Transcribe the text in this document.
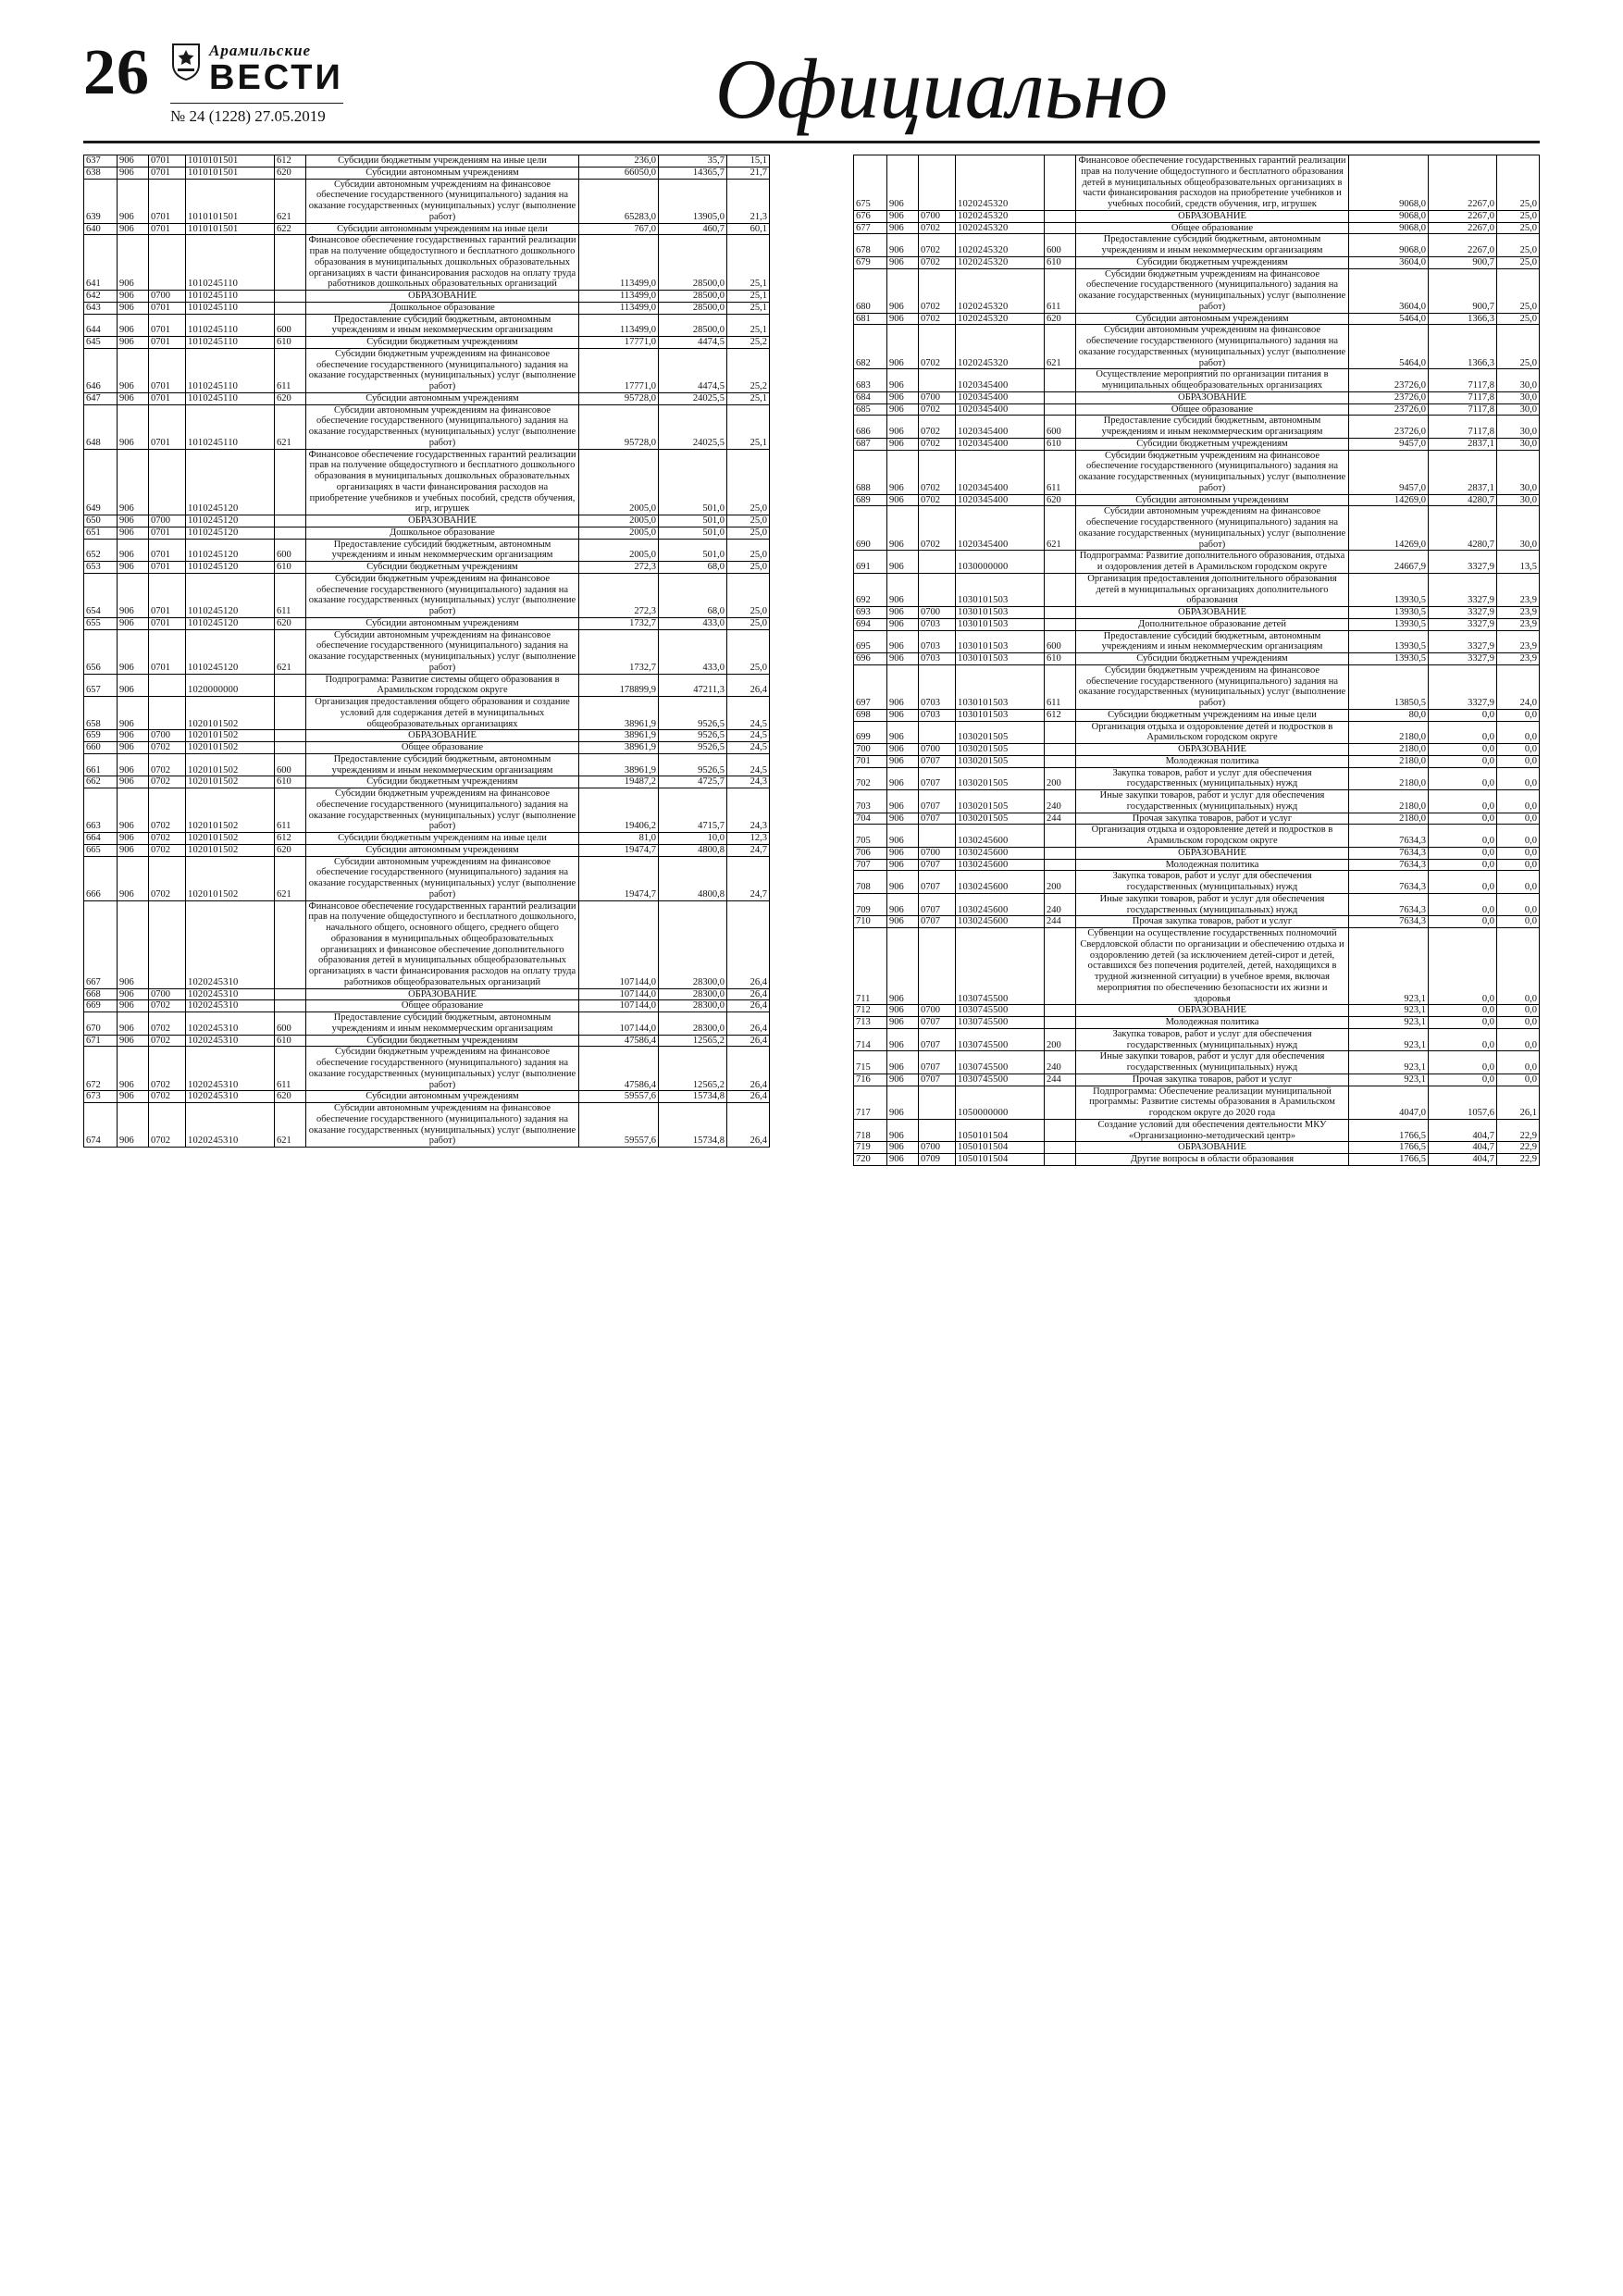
26	Арамильские
ВЕСТИ
№ 24 (1228) 27.05.2019	Официально
637	906	0701	1010101501	612	Субсидии бюджетным учреждениям на иные цели	236,0	35,7	15,1
638	906	0701	1010101501	620	Субсидии автономным учреждениям	66050,0	14365,7	21,7
639	906	0701	1010101501	621	Субсидии автономным учреждениям на финансовое обеспечение государственного (муниципального) задания на оказание государственных (муниципальных) услуг (выполнение работ)	65283,0	13905,0	21,3
640	906	0701	1010101501	622	Субсидии автономным учреждениям на иные цели	767,0	460,7	60,1
641	906		1010245110		Финансовое обеспечение государственных гарантий реализации прав на получение общедоступного и бесплатного дошкольного образования в муниципальных дошкольных образовательных организациях в части финансирования расходов на оплату труда работников дошкольных образовательных организаций	113499,0	28500,0	25,1
642	906	0700	1010245110		ОБРАЗОВАНИЕ	113499,0	28500,0	25,1
643	906	0701	1010245110		Дошкольное образование	113499,0	28500,0	25,1
644	906	0701	1010245110	600	Предоставление субсидий бюджетным, автономным учреждениям и иным некоммерческим организациям	113499,0	28500,0	25,1
645	906	0701	1010245110	610	Субсидии бюджетным учреждениям	17771,0	4474,5	25,2
646	906	0701	1010245110	611	Субсидии бюджетным учреждениям на финансовое обеспечение государственного (муниципального) задания на оказание государственных (муниципальных) услуг (выполнение работ)	17771,0	4474,5	25,2
647	906	0701	1010245110	620	Субсидии автономным учреждениям	95728,0	24025,5	25,1
648	906	0701	1010245110	621	Субсидии автономным учреждениям на финансовое обеспечение государственного (муниципального) задания на оказание государственных (муниципальных) услуг (выполнение работ)	95728,0	24025,5	25,1
649	906		1010245120		Финансовое обеспечение государственных гарантий реализации прав на получение общедоступного и бесплатного дошкольного образования в муниципальных дошкольных образовательных организациях в части финансирования расходов на приобретение учебников и учебных пособий, средств обучения, игр, игрушек	2005,0	501,0	25,0
650	906	0700	1010245120		ОБРАЗОВАНИЕ	2005,0	501,0	25,0
651	906	0701	1010245120		Дошкольное образование	2005,0	501,0	25,0
652	906	0701	1010245120	600	Предоставление субсидий бюджетным, автономным учреждениям и иным некоммерческим организациям	2005,0	501,0	25,0
653	906	0701	1010245120	610	Субсидии бюджетным учреждениям	272,3	68,0	25,0
654	906	0701	1010245120	611	Субсидии бюджетным учреждениям на финансовое обеспечение государственного (муниципального) задания на оказание государственных (муниципальных) услуг (выполнение работ)	272,3	68,0	25,0
655	906	0701	1010245120	620	Субсидии автономным учреждениям	1732,7	433,0	25,0
656	906	0701	1010245120	621	Субсидии автономным учреждениям на финансовое обеспечение государственного (муниципального) задания на оказание государственных (муниципальных) услуг (выполнение работ)	1732,7	433,0	25,0
657	906		1020000000		Подпрограмма: Развитие системы общего образования в Арамильском городском округе	178899,9	47211,3	26,4
658	906		1020101502		Организация предоставления общего образования и создание условий для содержания детей в муниципальных общеобразовательных организациях	38961,9	9526,5	24,5
659	906	0700	1020101502		ОБРАЗОВАНИЕ	38961,9	9526,5	24,5
660	906	0702	1020101502		Общее образование	38961,9	9526,5	24,5
661	906	0702	1020101502	600	Предоставление субсидий бюджетным, автономным учреждениям и иным некоммерческим организациям	38961,9	9526,5	24,5
662	906	0702	1020101502	610	Субсидии бюджетным учреждениям	19487,2	4725,7	24,3
663	906	0702	1020101502	611	Субсидии бюджетным учреждениям на финансовое обеспечение государственного (муниципального) задания на оказание государственных (муниципальных) услуг (выполнение работ)	19406,2	4715,7	24,3
664	906	0702	1020101502	612	Субсидии бюджетным учреждениям на иные цели	81,0	10,0	12,3
665	906	0702	1020101502	620	Субсидии автономным учреждениям	19474,7	4800,8	24,7
666	906	0702	1020101502	621	Субсидии автономным учреждениям на финансовое обеспечение государственного (муниципального) задания на оказание государственных (муниципальных) услуг (выполнение работ)	19474,7	4800,8	24,7
667	906		1020245310		Финансовое обеспечение государственных гарантий реализации прав на получение общедоступного и бесплатного дошкольного, начального общего, основного общего, среднего общего образования в муниципальных общеобразовательных организациях и финансовое обеспечение дополнительного образования детей в муниципальных общеобразовательных организациях в части финансирования расходов на оплату труда работников общеобразовательных организаций	107144,0	28300,0	26,4
668	906	0700	1020245310		ОБРАЗОВАНИЕ	107144,0	28300,0	26,4
669	906	0702	1020245310		Общее образование	107144,0	28300,0	26,4
670	906	0702	1020245310	600	Предоставление субсидий бюджетным, автономным учреждениям и иным некоммерческим организациям	107144,0	28300,0	26,4
671	906	0702	1020245310	610	Субсидии бюджетным учреждениям	47586,4	12565,2	26,4
672	906	0702	1020245310	611	Субсидии бюджетным учреждениям на финансовое обеспечение государственного (муниципального) задания на оказание государственных (муниципальных) услуг (выполнение работ)	47586,4	12565,2	26,4
673	906	0702	1020245310	620	Субсидии автономным учреждениям	59557,6	15734,8	26,4
674	906	0702	1020245310	621	Субсидии автономным учреждениям на финансовое обеспечение государственного (муниципального) задания на оказание государственных (муниципальных) услуг (выполнение работ)	59557,6	15734,8	26,4
675	906		1020245320		Финансовое обеспечение государственных гарантий реализации прав на получение общедоступного и бесплатного образования детей в муниципальных общеобразовательных организациях в части финансирования расходов на приобретение учебников и учебных пособий, средств обучения, игр, игрушек	9068,0	2267,0	25,0
676	906	0700	1020245320		ОБРАЗОВАНИЕ	9068,0	2267,0	25,0
677	906	0702	1020245320		Общее образование	9068,0	2267,0	25,0
678	906	0702	1020245320	600	Предоставление субсидий бюджетным, автономным учреждениям и иным некоммерческим организациям	9068,0	2267,0	25,0
679	906	0702	1020245320	610	Субсидии бюджетным учреждениям	3604,0	900,7	25,0
680	906	0702	1020245320	611	Субсидии бюджетным учреждениям на финансовое обеспечение государственного (муниципального) задания на оказание государственных (муниципальных) услуг (выполнение работ)	3604,0	900,7	25,0
681	906	0702	1020245320	620	Субсидии автономным учреждениям	5464,0	1366,3	25,0
682	906	0702	1020245320	621	Субсидии автономным учреждениям на финансовое обеспечение государственного (муниципального) задания на оказание государственных (муниципальных) услуг (выполнение работ)	5464,0	1366,3	25,0
683	906		1020345400		Осуществление мероприятий по организации питания в муниципальных общеобразовательных организациях	23726,0	7117,8	30,0
684	906	0700	1020345400		ОБРАЗОВАНИЕ	23726,0	7117,8	30,0
685	906	0702	1020345400		Общее образование	23726,0	7117,8	30,0
686	906	0702	1020345400	600	Предоставление субсидий бюджетным, автономным учреждениям и иным некоммерческим организациям	23726,0	7117,8	30,0
687	906	0702	1020345400	610	Субсидии бюджетным учреждениям	9457,0	2837,1	30,0
688	906	0702	1020345400	611	Субсидии бюджетным учреждениям на финансовое обеспечение государственного (муниципального) задания на оказание государственных (муниципальных) услуг (выполнение работ)	9457,0	2837,1	30,0
689	906	0702	1020345400	620	Субсидии автономным учреждениям	14269,0	4280,7	30,0
690	906	0702	1020345400	621	Субсидии автономным учреждениям на финансовое обеспечение государственного (муниципального) задания на оказание государственных (муниципальных) услуг (выполнение работ)	14269,0	4280,7	30,0
691	906		1030000000		Подпрограмма: Развитие дополнительного образования, отдыха и оздоровления детей в Арамильском городском округе	24667,9	3327,9	13,5
692	906		1030101503		Организация предоставления дополнительного образования детей в муниципальных организациях дополнительного образования	13930,5	3327,9	23,9
693	906	0700	1030101503		ОБРАЗОВАНИЕ	13930,5	3327,9	23,9
694	906	0703	1030101503		Дополнительное образование детей	13930,5	3327,9	23,9
695	906	0703	1030101503	600	Предоставление субсидий бюджетным, автономным учреждениям и иным некоммерческим организациям	13930,5	3327,9	23,9
696	906	0703	1030101503	610	Субсидии бюджетным учреждениям	13930,5	3327,9	23,9
697	906	0703	1030101503	611	Субсидии бюджетным учреждениям на финансовое обеспечение государственного (муниципального) задания на оказание государственных (муниципальных) услуг (выполнение работ)	13850,5	3327,9	24,0
698	906	0703	1030101503	612	Субсидии бюджетным учреждениям на иные цели	80,0	0,0	0,0
699	906		1030201505		Организация отдыха и оздоровление детей и подростков в Арамильском городском округе	2180,0	0,0	0,0
700	906	0700	1030201505		ОБРАЗОВАНИЕ	2180,0	0,0	0,0
701	906	0707	1030201505		Молодежная политика	2180,0	0,0	0,0
702	906	0707	1030201505	200	Закупка товаров, работ и услуг для обеспечения государственных (муниципальных) нужд	2180,0	0,0	0,0
703	906	0707	1030201505	240	Иные закупки товаров, работ и услуг для обеспечения государственных (муниципальных) нужд	2180,0	0,0	0,0
704	906	0707	1030201505	244	Прочая закупка товаров, работ и услуг	2180,0	0,0	0,0
705	906		1030245600		Организация отдыха и оздоровление детей и подростков в Арамильском городском округе	7634,3	0,0	0,0
706	906	0700	1030245600		ОБРАЗОВАНИЕ	7634,3	0,0	0,0
707	906	0707	1030245600		Молодежная политика	7634,3	0,0	0,0
708	906	0707	1030245600	200	Закупка товаров, работ и услуг для обеспечения государственных (муниципальных) нужд	7634,3	0,0	0,0
709	906	0707	1030245600	240	Иные закупки товаров, работ и услуг для обеспечения государственных (муниципальных) нужд	7634,3	0,0	0,0
710	906	0707	1030245600	244	Прочая закупка товаров, работ и услуг	7634,3	0,0	0,0
711	906		1030745500		Субвенции на осуществление государственных полномочий Свердловской области по организации и обеспечению отдыха и оздоровлению детей (за исключением детей-сирот и детей, оставшихся без попечения родителей, детей, находящихся в трудной жизненной ситуации) в учебное время, включая мероприятия по обеспечению безопасности их жизни и здоровья	923,1	0,0	0,0
712	906	0700	1030745500		ОБРАЗОВАНИЕ	923,1	0,0	0,0
713	906	0707	1030745500		Молодежная политика	923,1	0,0	0,0
714	906	0707	1030745500	200	Закупка товаров, работ и услуг для обеспечения государственных (муниципальных) нужд	923,1	0,0	0,0
715	906	0707	1030745500	240	Иные закупки товаров, работ и услуг для обеспечения государственных (муниципальных) нужд	923,1	0,0	0,0
716	906	0707	1030745500	244	Прочая закупка товаров, работ и услуг	923,1	0,0	0,0
717	906		1050000000		Подпрограмма: Обеспечение реализации муниципальной программы: Развитие системы образования в Арамильском городском округе до 2020 года	4047,0	1057,6	26,1
718	906		1050101504		Создание условий для обеспечения деятельности МКУ «Организационно-методический центр»	1766,5	404,7	22,9
719	906	0700	1050101504		ОБРАЗОВАНИЕ	1766,5	404,7	22,9
720	906	0709	1050101504		Другие вопросы в области образования	1766,5	404,7	22,9
